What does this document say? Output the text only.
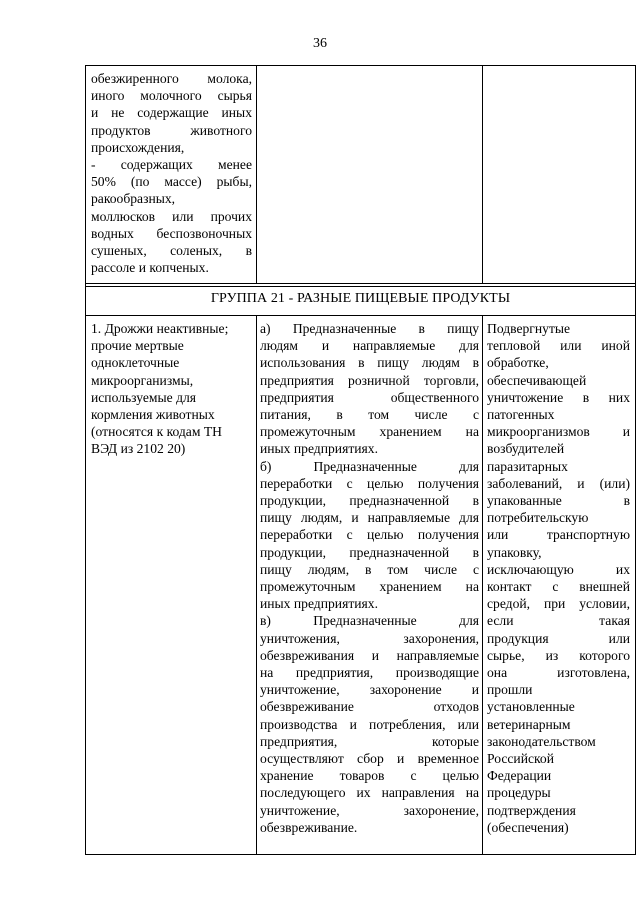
36
обезжиренного молока,
иного молочного сырья
и не содержащие иных
продуктов животного
происхождения,
- содержащих менее
50% (по массе) рыбы,
ракообразных,
моллюсков или прочих
водных беспозвоночных
сушеных, соленых, в
рассоле и копченых.
ГРУППА 21 - РАЗНЫЕ ПИЩЕВЫЕ ПРОДУКТЫ
1. Дрожжи неактивные;
прочие мертвые
одноклеточные
микроорганизмы,
используемые для
кормления животных
(относятся к кодам ТН
ВЭД из 2102 20)
а) Предназначенные в пищу
людям и направляемые для
использования в пищу людям в
предприятия розничной торговли,
предприятия общественного
питания, в том числе с
промежуточным хранением на
иных предприятиях.
б) Предназначенные для
переработки с целью получения
продукции, предназначенной в
пищу людям, и направляемые для
переработки с целью получения
продукции, предназначенной в
пищу людям, в том числе с
промежуточным хранением на
иных предприятиях.
в) Предназначенные для
уничтожения, захоронения,
обезвреживания и направляемые
на предприятия, производящие
уничтожение, захоронение и
обезвреживание отходов
производства и потребления, или
предприятия, которые
осуществляют сбор и временное
хранение товаров с целью
последующего их направления на
уничтожение, захоронение,
обезвреживание.
Подвергнутые
тепловой или иной
обработке,
обеспечивающей
уничтожение в них
патогенных
микроорганизмов и
возбудителей
паразитарных
заболеваний, и (или)
упакованные в
потребительскую
или транспортную
упаковку,
исключающую их
контакт с внешней
средой, при условии,
если такая
продукция или
сырье, из которого
она изготовлена,
прошли
установленные
ветеринарным
законодательством
Российской
Федерации
процедуры
подтверждения
(обеспечения)
